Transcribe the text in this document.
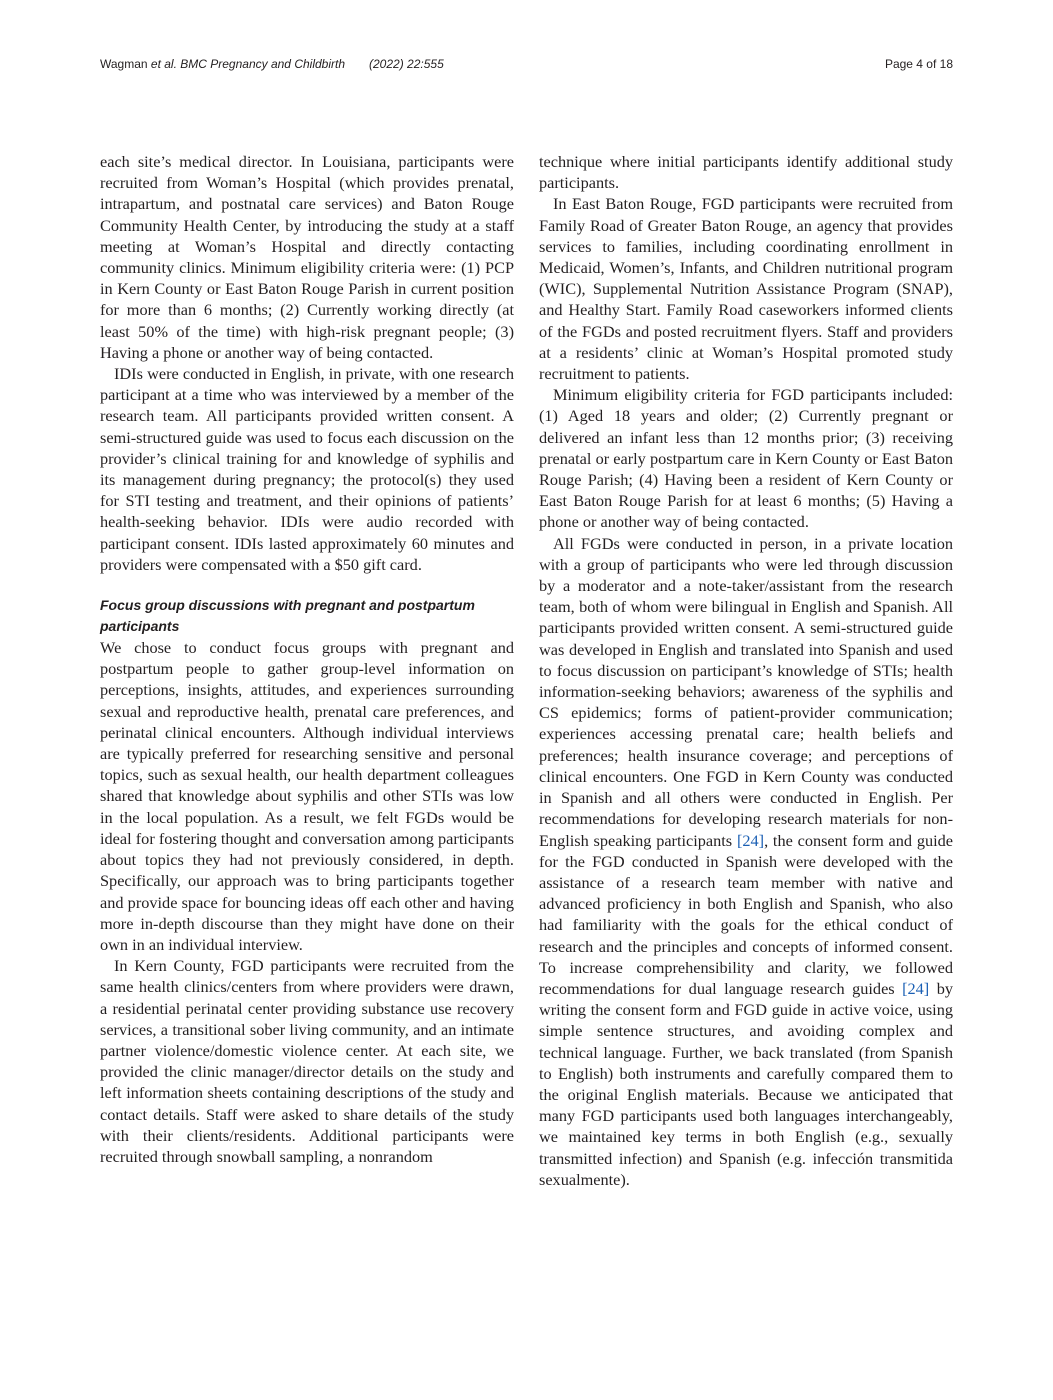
Wagman et al. BMC Pregnancy and Childbirth (2022) 22:555	Page 4 of 18

each site’s medical director. In Louisiana, participants were recruited from Woman’s Hospital (which provides prenatal, intrapartum, and postnatal care services) and Baton Rouge Community Health Center, by introducing the study at a staff meeting at Woman’s Hospital and directly contacting community clinics. Minimum eligibility criteria were: (1) PCP in Kern County or East Baton Rouge Parish in current position for more than 6 months; (2) Currently working directly (at least 50% of the time) with high-risk pregnant people; (3) Having a phone or another way of being contacted.

IDIs were conducted in English, in private, with one research participant at a time who was interviewed by a member of the research team. All participants provided written consent. A semi-structured guide was used to focus each discussion on the provider’s clinical training for and knowledge of syphilis and its management during pregnancy; the protocol(s) they used for STI testing and treatment, and their opinions of patients’ health-seeking behavior. IDIs were audio recorded with participant consent. IDIs lasted approximately 60 minutes and providers were compensated with a $50 gift card.

Focus group discussions with pregnant and postpartum participants

We chose to conduct focus groups with pregnant and postpartum people to gather group-level information on perceptions, insights, attitudes, and experiences surrounding sexual and reproductive health, prenatal care preferences, and perinatal clinical encounters. Although individual interviews are typically preferred for researching sensitive and personal topics, such as sexual health, our health department colleagues shared that knowledge about syphilis and other STIs was low in the local population. As a result, we felt FGDs would be ideal for fostering thought and conversation among participants about topics they had not previously considered, in depth. Specifically, our approach was to bring participants together and provide space for bouncing ideas off each other and having more in-depth discourse than they might have done on their own in an individual interview.

In Kern County, FGD participants were recruited from the same health clinics/centers from where providers were drawn, a residential perinatal center providing substance use recovery services, a transitional sober living community, and an intimate partner violence/domestic violence center. At each site, we provided the clinic manager/director details on the study and left information sheets containing descriptions of the study and contact details. Staff were asked to share details of the study with their clients/residents. Additional participants were recruited through snowball sampling, a nonrandom

technique where initial participants identify additional study participants.

In East Baton Rouge, FGD participants were recruited from Family Road of Greater Baton Rouge, an agency that provides services to families, including coordinating enrollment in Medicaid, Women’s, Infants, and Children nutritional program (WIC), Supplemental Nutrition Assistance Program (SNAP), and Healthy Start. Family Road caseworkers informed clients of the FGDs and posted recruitment flyers. Staff and providers at a residents’ clinic at Woman’s Hospital promoted study recruitment to patients.

Minimum eligibility criteria for FGD participants included: (1) Aged 18 years and older; (2) Currently pregnant or delivered an infant less than 12 months prior; (3) receiving prenatal or early postpartum care in Kern County or East Baton Rouge Parish; (4) Having been a resident of Kern County or East Baton Rouge Parish for at least 6 months; (5) Having a phone or another way of being contacted.

All FGDs were conducted in person, in a private location with a group of participants who were led through discussion by a moderator and a note-taker/assistant from the research team, both of whom were bilingual in English and Spanish. All participants provided written consent. A semi-structured guide was developed in English and translated into Spanish and used to focus discussion on participant’s knowledge of STIs; health information-seeking behaviors; awareness of the syphilis and CS epidemics; forms of patient-provider communication; experiences accessing prenatal care; health beliefs and preferences; health insurance coverage; and perceptions of clinical encounters. One FGD in Kern County was conducted in Spanish and all others were conducted in English. Per recommendations for developing research materials for non-English speaking participants [24], the consent form and guide for the FGD conducted in Spanish were developed with the assistance of a research team member with native and advanced proficiency in both English and Spanish, who also had familiarity with the goals for the ethical conduct of research and the principles and concepts of informed consent. To increase comprehensibility and clarity, we followed recommendations for dual language research guides [24] by writing the consent form and FGD guide in active voice, using simple sentence structures, and avoiding complex and technical language. Further, we back translated (from Spanish to English) both instruments and carefully compared them to the original English materials. Because we anticipated that many FGD participants used both languages interchangeably, we maintained key terms in both English (e.g., sexually transmitted infection) and Spanish (e.g. infección transmitida sexualmente).
